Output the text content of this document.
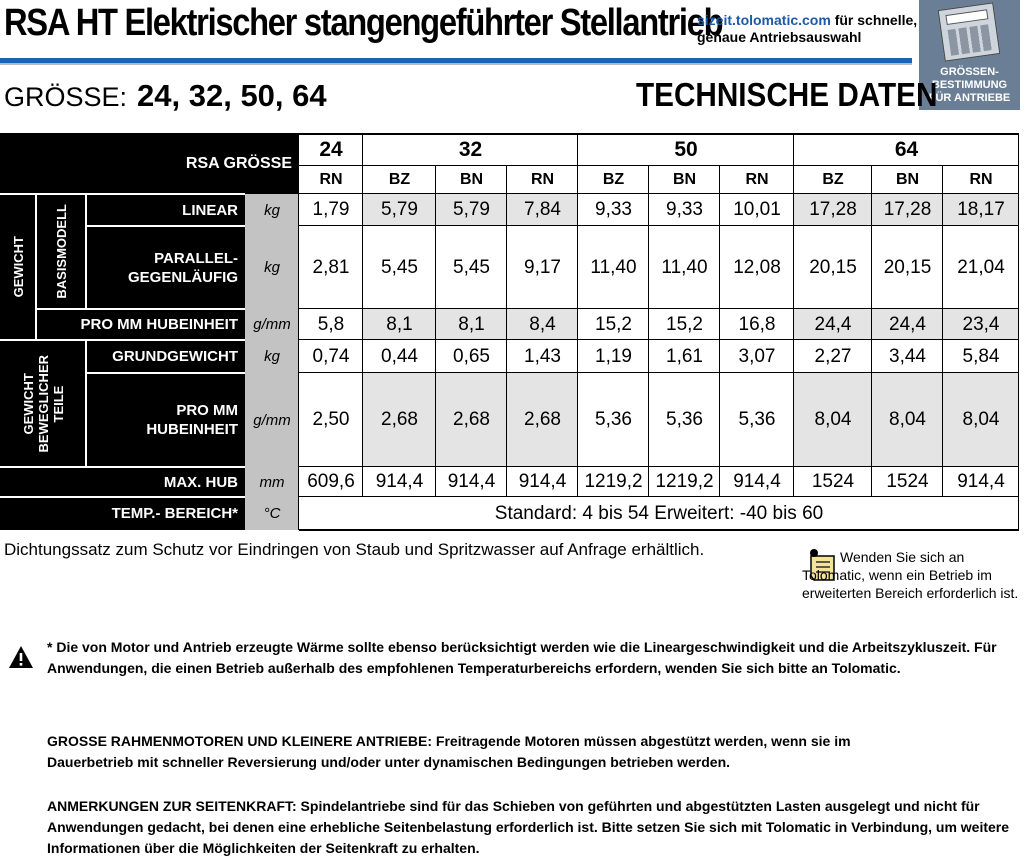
RSA HT Elektrischer stangengeführter Stellantrieb
sizeit.tolomatic.com für schnelle,
genaue Antriebsauswahl
GRÖSSEN-
BESTIMMUNG
FÜR ANTRIEBE
GRÖSSE: 24, 32, 50, 64	TECHNISCHE DATEN
RSA GRÖSSE
24	32	50	64
RN	BZ	BN	RN	BZ	BN	RN	BZ	BN	RN
GEWICHT BASISMODELL
GEWICHT
BEWEGLICHER
TEILE
LINEAR	kg	1,79	5,79	5,79	7,84	9,33	9,33	10,01	17,28	17,28	18,17
PARALLEL-
GEGENLÄUFIG
kg	2,81	5,45	5,45	9,17	11,40	11,40	12,08	20,15	20,15	21,04
PRO MM HUBEINHEIT	g/mm	5,8	8,1	8,1	8,4	15,2	15,2	16,8	24,4	24,4	23,4
GRUNDGEWICHT	kg	0,74	0,44	0,65	1,43	1,19	1,61	3,07	2,27	3,44	5,84
PRO MM
HUBEINHEIT
g/mm	2,50	2,68	2,68	2,68	5,36	5,36	5,36	8,04	8,04	8,04
MAX. HUB	mm	609,6	914,4	914,4	914,4 1219,2 1219,2	914,4	1524	1524	914,4
TEMP.- BEREICH*	°C	Standard: 4 bis 54 Erweitert: -40 bis 60
Dichtungssatz zum Schutz vor Eindringen von Staub und Spritzwasser auf Anfrage erhältlich.	Wenden Sie sich an Tolomatic, wenn ein Betrieb im erweiterten Bereich erforderlich ist.
* Die von Motor und Antrieb erzeugte Wärme sollte ebenso berücksichtigt werden wie die Lineargeschwindigkeit und die Arbeitszykluszeit. Für Anwendungen, die einen Betrieb außerhalb des empfohlenen Temperaturbereichs erfordern, wenden Sie sich bitte an Tolomatic.
GROSSE RAHMENMOTOREN UND KLEINERE ANTRIEBE: Freitragende Motoren müssen abgestützt werden, wenn sie im Dauerbetrieb mit schneller Reversierung und/oder unter dynamischen Bedingungen betrieben werden.
ANMERKUNGEN ZUR SEITENKRAFT: Spindelantriebe sind für das Schieben von geführten und abgestützten Lasten ausgelegt und nicht für Anwendungen gedacht, bei denen eine erhebliche Seitenbelastung erforderlich ist. Bitte setzen Sie sich mit Tolomatic in Verbindung, um weitere Informationen über die Möglichkeiten der Seitenkraft zu erhalten.
